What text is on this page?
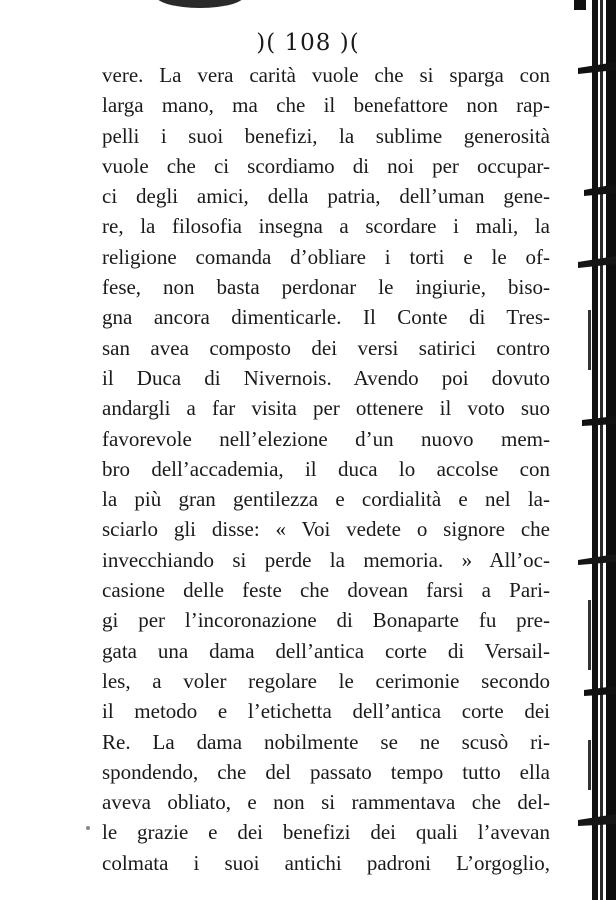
)( 108 )(
vere. La vera carità vuole che si sparga con
larga mano, ma che il benefattore non rap-
pelli i suoi benefizi, la sublime generosità
vuole che ci scordiamo di noi per occupar-
ci degli amici, della patria, dell’uman gene-
re, la filosofia insegna a scordare i mali, la
religione comanda d’obliare i torti e le of-
fese, non basta perdonar le ingiurie, biso-
gna ancora dimenticarle. Il Conte di Tres-
san avea composto dei versi satirici contro
il Duca di Nivernois. Avendo poi dovuto
andargli a far visita per ottenere il voto suo
favorevole nell’elezione d’un nuovo mem-
bro dell’accademia, il duca lo accolse con
la più gran gentilezza e cordialità e nel la-
sciarlo gli disse: « Voi vedete o signore che
invecchiando si perde la memoria. » All’oc-
casione delle feste che dovean farsi a Pari-
gi per l’incoronazione di Bonaparte fu pre-
gata una dama dell’antica corte di Versail-
les, a voler regolare le cerimonie secondo
il metodo e l’etichetta dell’antica corte dei
Re. La dama nobilmente se ne scusò ri-
spondendo, che del passato tempo tutto ella
aveva obliato, e non si rammentava che del-
le grazie e dei benefizi dei quali l’avevan
colmata i suoi antichi padroni L’orgoglio,
